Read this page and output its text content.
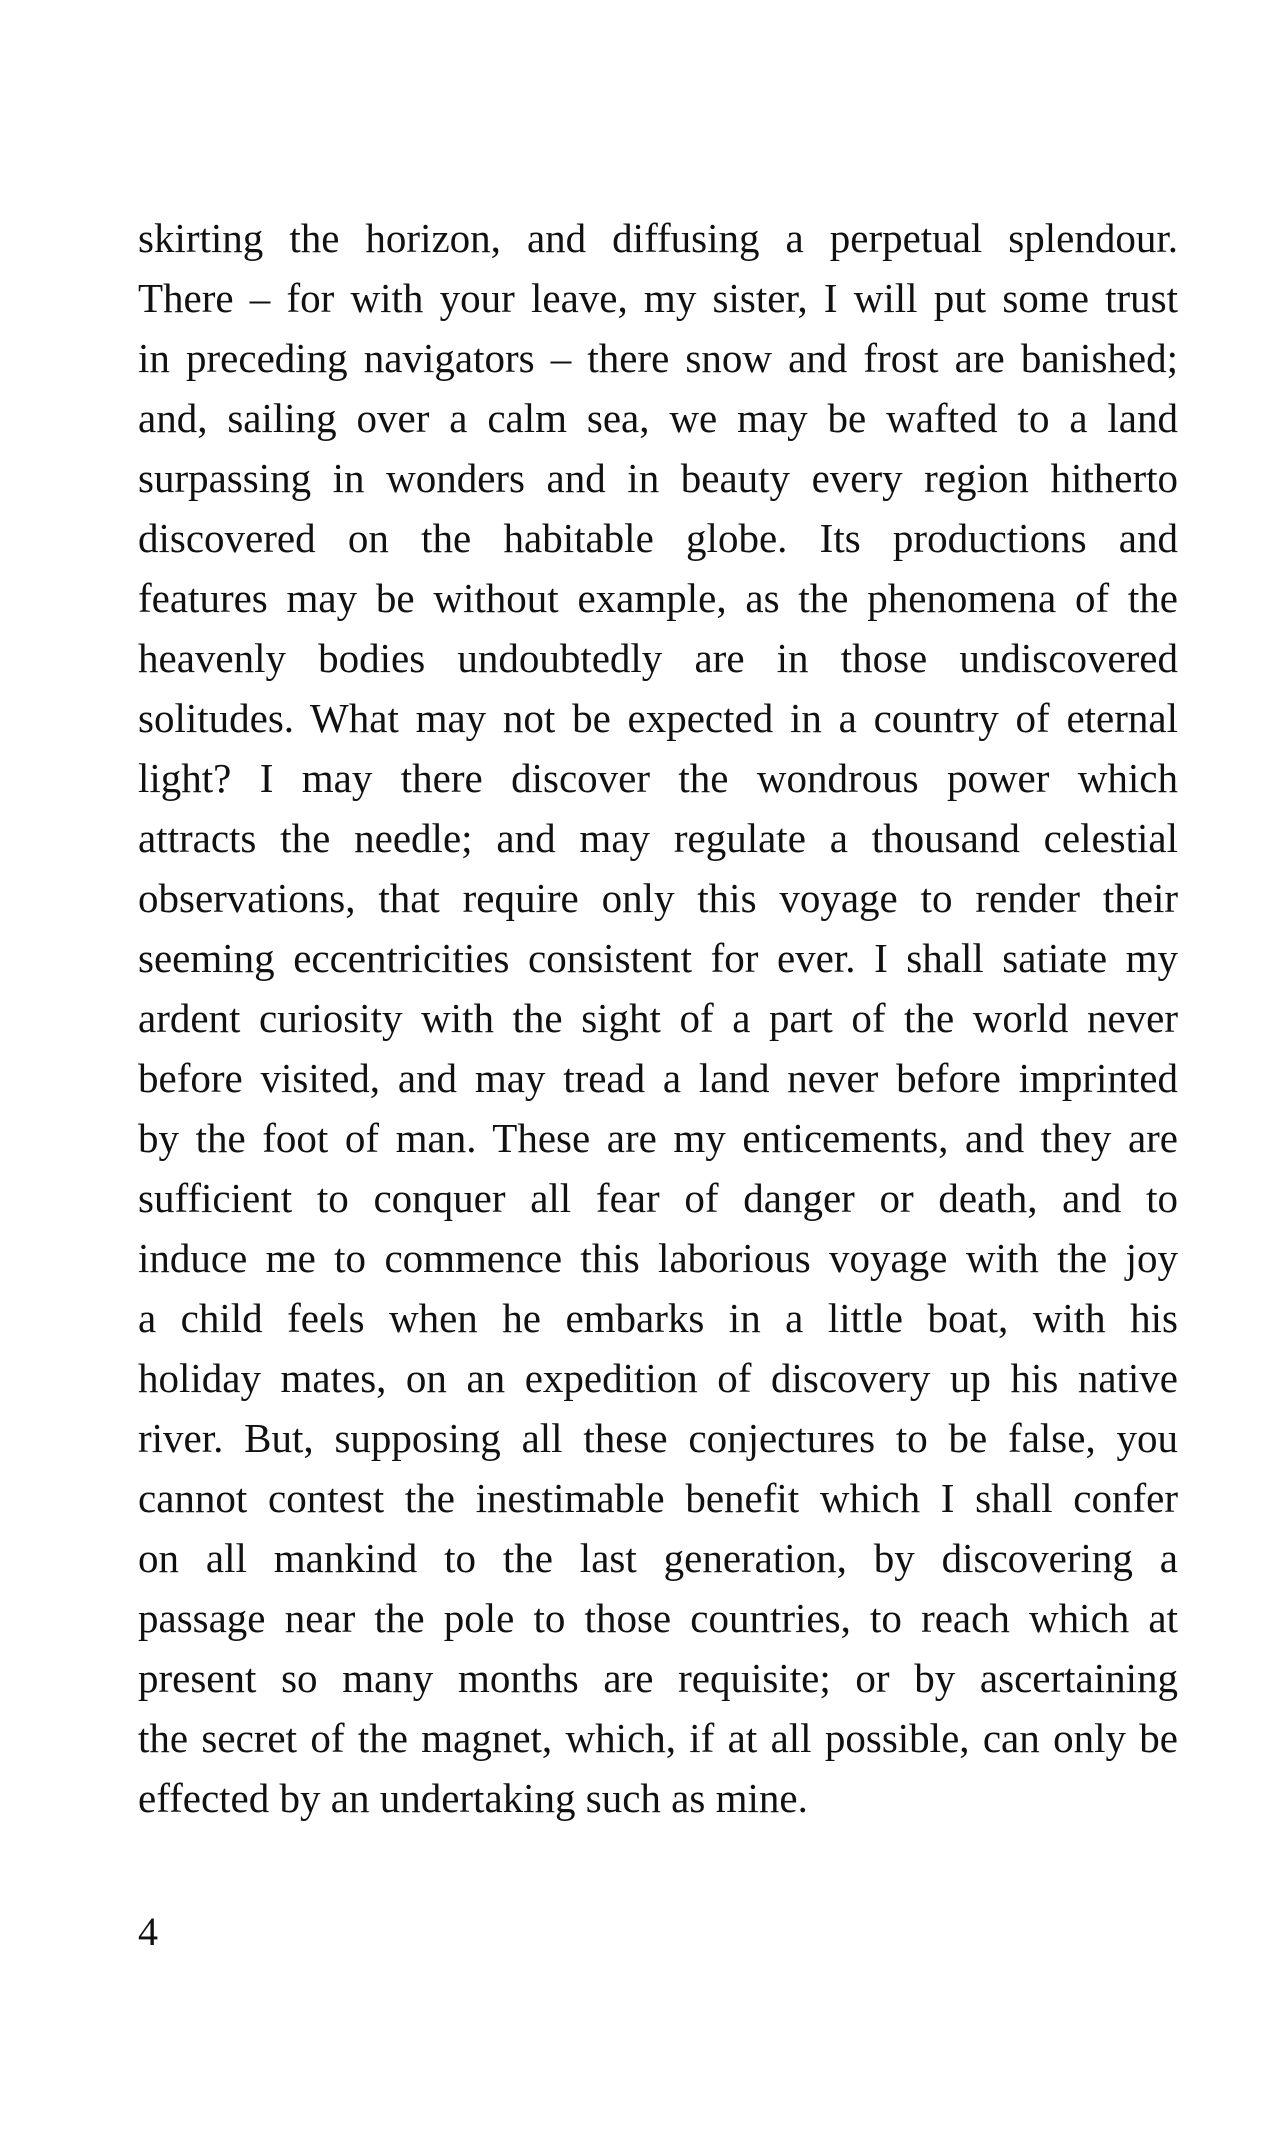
skirting the horizon, and diffusing a perpetual splendour.
There – for with your leave, my sister, I will put some trust
in preceding navigators – there snow and frost are banished;
and, sailing over a calm sea, we may be wafted to a land
surpassing in wonders and in beauty every region hitherto
discovered on the habitable globe. Its productions and
features may be without example, as the phenomena of the
heavenly bodies undoubtedly are in those undiscovered
solitudes. What may not be expected in a country of eternal
light? I may there discover the wondrous power which
attracts the needle; and may regulate a thousand celestial
observations, that require only this voyage to render their
seeming eccentricities consistent for ever. I shall satiate my
ardent curiosity with the sight of a part of the world never
before visited, and may tread a land never before imprinted
by the foot of man. These are my enticements, and they are
sufficient to conquer all fear of danger or death, and to
induce me to commence this laborious voyage with the joy
a child feels when he embarks in a little boat, with his
holiday mates, on an expedition of discovery up his native
river. But, supposing all these conjectures to be false, you
cannot contest the inestimable benefit which I shall confer
on all mankind to the last generation, by discovering a
passage near the pole to those countries, to reach which at
present so many months are requisite; or by ascertaining
the secret of the magnet, which, if at all possible, can only be
effected by an undertaking such as mine.
4
